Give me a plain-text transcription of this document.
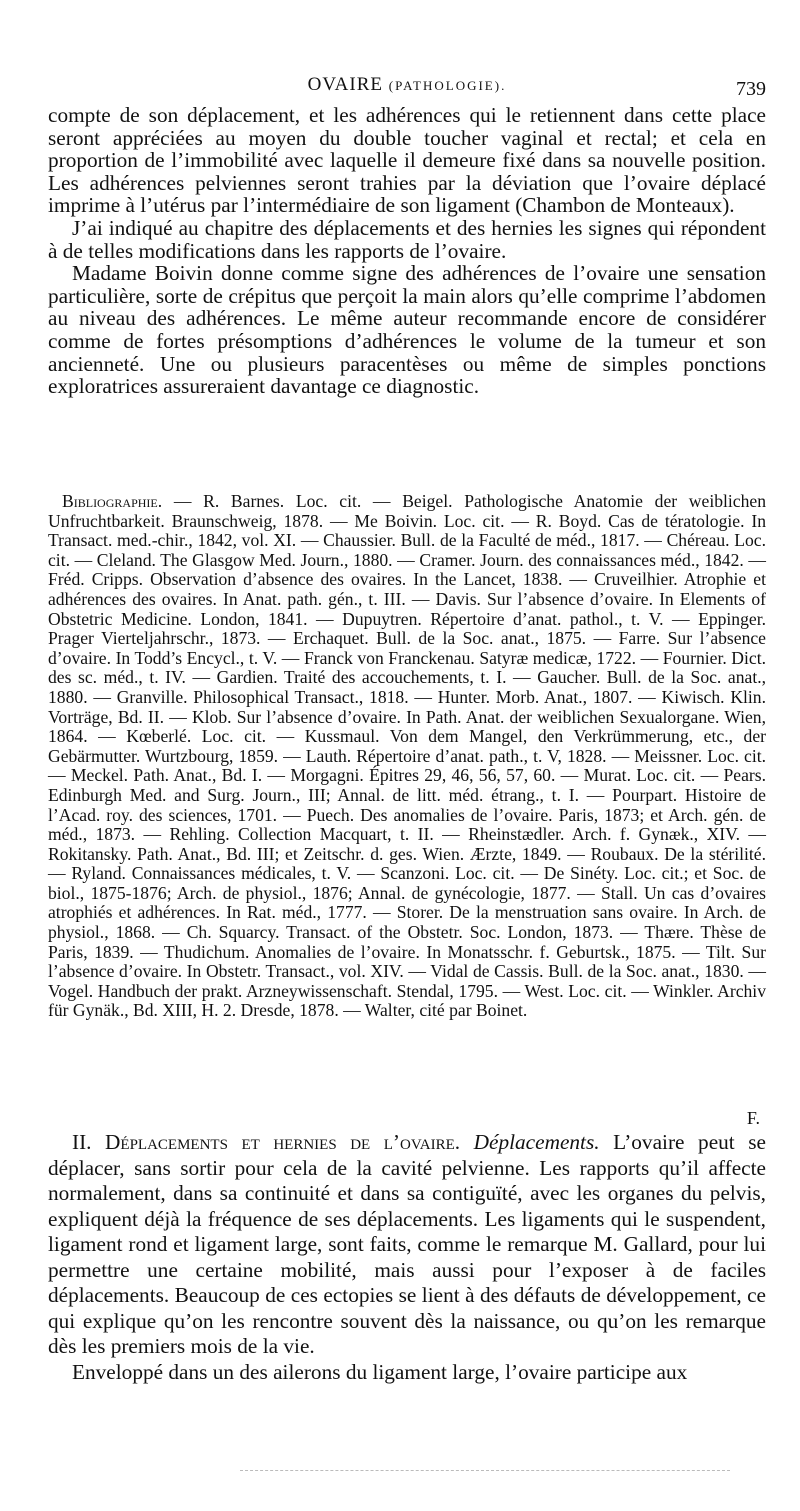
OVAIRE (PATHOLOGIE).	739

compte de son déplacement, et les adhérences qui le retiennent dans cette place seront appréciées au moyen du double toucher vaginal et rectal; et cela en proportion de l’immobilité avec laquelle il demeure fixé dans sa nouvelle position. Les adhérences pelviennes seront trahies par la déviation que l’ovaire déplacé imprime à l’utérus par l’intermédiaire de son ligament (Chambon de Monteaux).

J’ai indiqué au chapitre des déplacements et des hernies les signes qui répondent à de telles modifications dans les rapports de l’ovaire.

Madame Boivin donne comme signe des adhérences de l’ovaire une sensation particulière, sorte de crépitus que perçoit la main alors qu’elle comprime l’abdomen au niveau des adhérences. Le même auteur recommande encore de considérer comme de fortes présomptions d’adhérences le volume de la tumeur et son ancienneté. Une ou plusieurs paracentèses ou même de simples ponctions exploratrices assureraient davantage ce diagnostic.

Bibliographie. — R. Barnes. Loc. cit. — Beigel. Pathologische Anatomie der weiblichen Unfruchtbarkeit. Braunschweig, 1878. — Me Boivin. Loc. cit. — R. Boyd. Cas de tératologie. In Transact. med.-chir., 1842, vol. XI. — Chaussier. Bull. de la Faculté de méd., 1817. — Chéreau. Loc. cit. — Cleland. The Glasgow Med. Journ., 1880. — Cramer. Journ. des connaissances méd., 1842. — Fréd. Cripps. Observation d’absence des ovaires. In the Lancet, 1838. — Cruveilhier. Atrophie et adhérences des ovaires. In Anat. path. gén., t. III. — Davis. Sur l’absence d’ovaire. In Elements of Obstetric Medicine. London, 1841. — Dupuytren. Répertoire d’anat. pathol., t. V. — Eppinger. Prager Vierteljahrschr., 1873. — Erchaquet. Bull. de la Soc. anat., 1875. — Farre. Sur l’absence d’ovaire. In Todd’s Encycl., t. V. — Franck von Franckenau. Satyræ medicæ, 1722. — Fournier. Dict. des sc. méd., t. IV. — Gardien. Traité des accouchements, t. I. — Gaucher. Bull. de la Soc. anat., 1880. — Granville. Philosophical Transact., 1818. — Hunter. Morb. Anat., 1807. — Kiwisch. Klin. Vorträge, Bd. II. — Klob. Sur l’absence d’ovaire. In Path. Anat. der weiblichen Sexualorgane. Wien, 1864. — Kœberlé. Loc. cit. — Kussmaul. Von dem Mangel, den Verkrümmerung, etc., der Gebärmutter. Wurtzbourg, 1859. — Lauth. Répertoire d’anat. path., t. V, 1828. — Meissner. Loc. cit. — Meckel. Path. Anat., Bd. I. — Morgagni. Épitres 29, 46, 56, 57, 60. — Murat. Loc. cit. — Pears. Edinburgh Med. and Surg. Journ., III; Annal. de litt. méd. étrang., t. I. — Pourpart. Histoire de l’Acad. roy. des sciences, 1701. — Puech. Des anomalies de l’ovaire. Paris, 1873; et Arch. gén. de méd., 1873. — Rehling. Collection Macquart, t. II. — Rheinstædler. Arch. f. Gynæk., XIV. — Rokitansky. Path. Anat., Bd. III; et Zeitschr. d. ges. Wien. Ærzte, 1849. — Roubaux. De la stérilité. — Ryland. Connaissances médicales, t. V. — Scanzoni. Loc. cit. — De Sinéty. Loc. cit.; et Soc. de biol., 1875-1876; Arch. de physiol., 1876; Annal. de gynécologie, 1877. — Stall. Un cas d’ovaires atrophiés et adhérences. In Rat. méd., 1777. — Storer. De la menstruation sans ovaire. In Arch. de physiol., 1868. — Ch. Squarcy. Transact. of the Obstetr. Soc. London, 1873. — Thære. Thèse de Paris, 1839. — Thudichum. Anomalies de l’ovaire. In Monatsschr. f. Geburtsk., 1875. — Tilt. Sur l’absence d’ovaire. In Obstetr. Transact., vol. XIV. — Vidal de Cassis. Bull. de la Soc. anat., 1830. — Vogel. Handbuch der prakt. Arzneywissenschaft. Stendal, 1795. — West. Loc. cit. — Winkler. Archiv für Gynäk., Bd. XIII, H. 2. Dresde, 1878. — Walter, cité par Boinet.

F.

II. Déplacements et hernies de l’ovaire. Déplacements. L’ovaire peut se déplacer, sans sortir pour cela de la cavité pelvienne. Les rapports qu’il affecte normalement, dans sa continuité et dans sa contiguïté, avec les organes du pelvis, expliquent déjà la fréquence de ses déplacements. Les ligaments qui le suspendent, ligament rond et ligament large, sont faits, comme le remarque M. Gallard, pour lui permettre une certaine mobilité, mais aussi pour l’exposer à de faciles déplacements. Beaucoup de ces ectopies se lient à des défauts de développement, ce qui explique qu’on les rencontre souvent dès la naissance, ou qu’on les remarque dès les premiers mois de la vie.

Enveloppé dans un des ailerons du ligament large, l’ovaire participe aux
